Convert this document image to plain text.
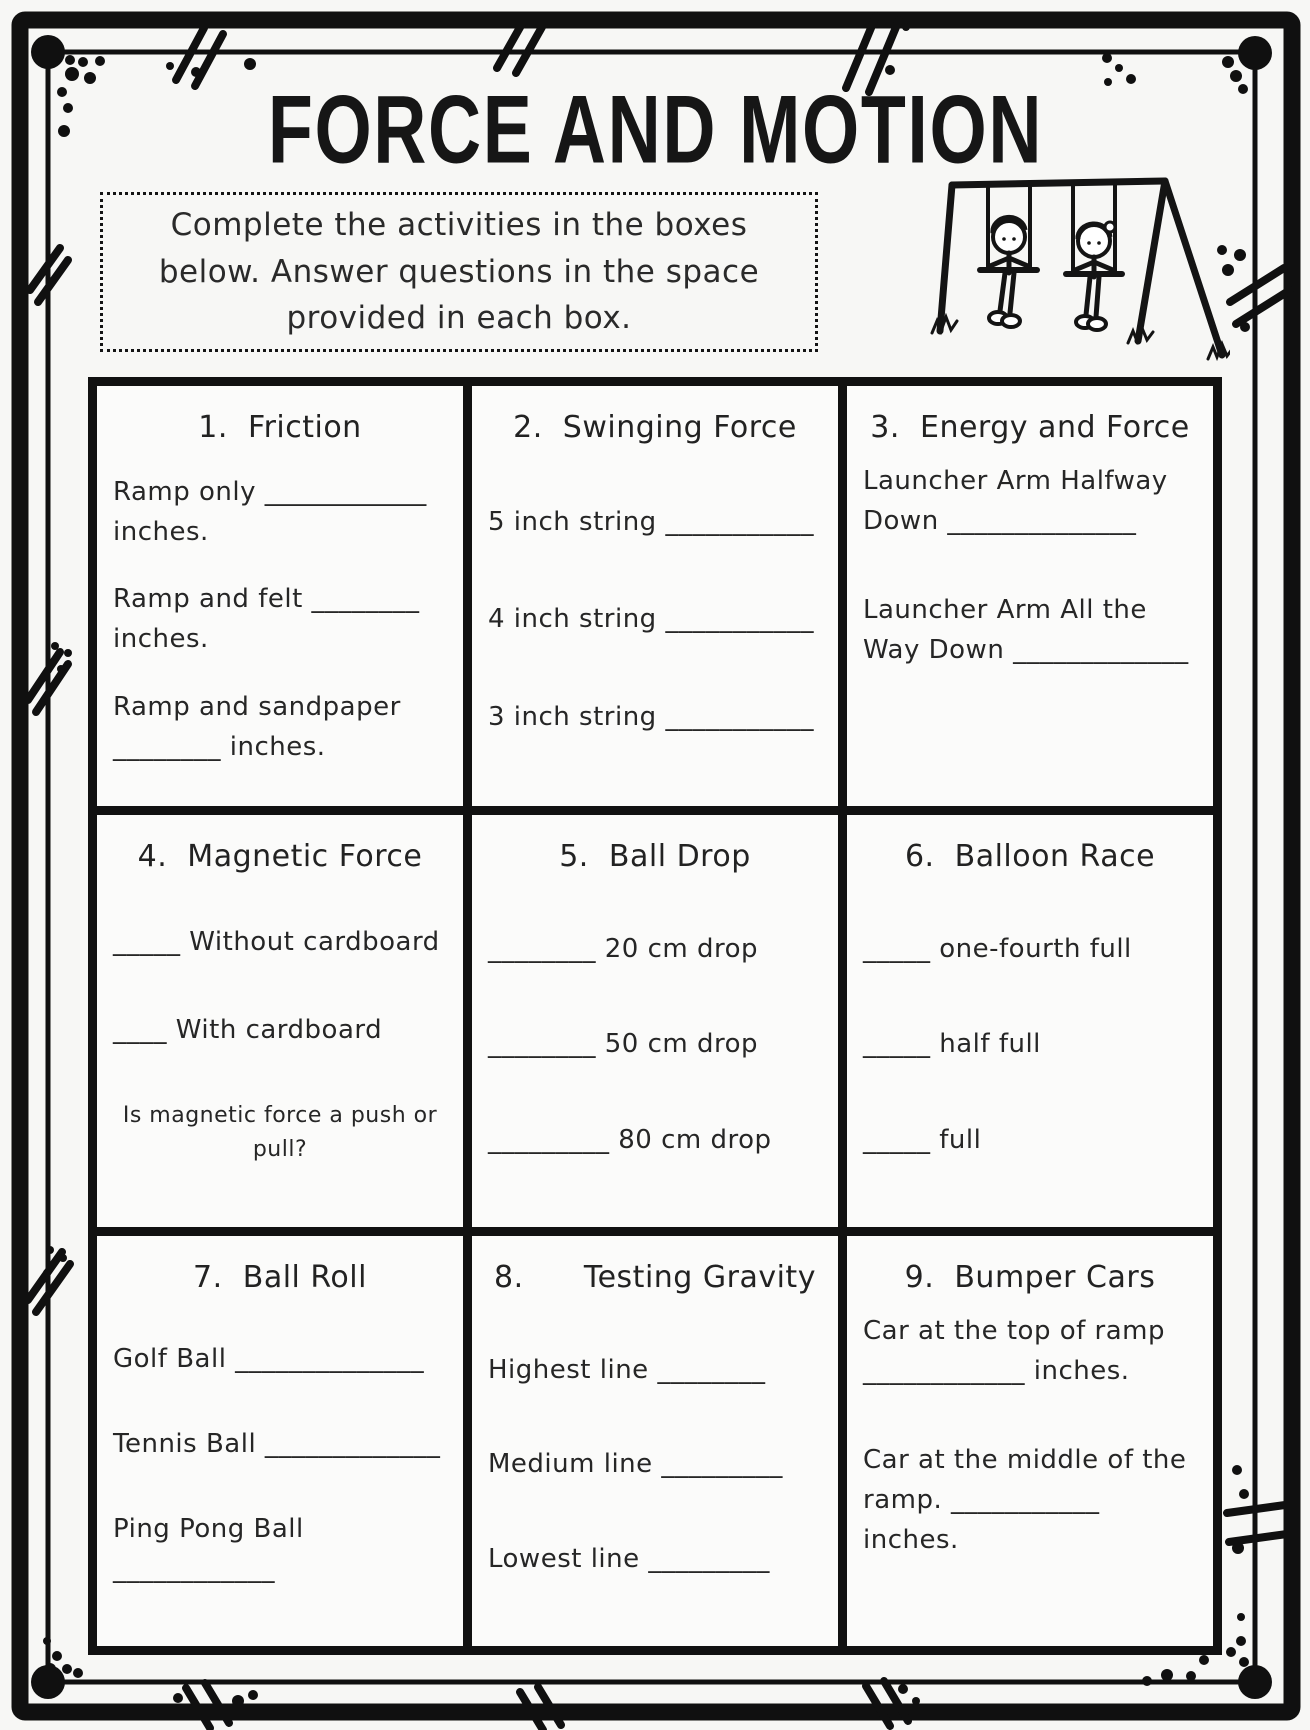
FORCE AND MOTION

Complete the activities in the boxes below. Answer questions in the space provided in each box.

1.  Friction

Ramp only ____________ inches.

Ramp and felt ________ inches.

Ramp and sandpaper ________ inches.

2.  Swinging Force

5 inch string ___________

4 inch string ___________

3 inch string ___________

3.  Energy and Force

Launcher Arm Halfway Down ______________

Launcher Arm All the Way Down _____________

4.  Magnetic Force

_____ Without cardboard

____ With cardboard

Is magnetic force a push or pull?

5.  Ball Drop

________ 20 cm drop

________ 50 cm drop

_________ 80 cm drop

6.  Balloon Race

_____ one-fourth full

_____ half full

_____ full

7.  Ball Roll

Golf Ball ______________

Tennis Ball _____________

Ping Pong Ball ____________

8.      Testing Gravity

Highest line ________

Medium line _________

Lowest line _________

9.  Bumper Cars

Car at the top of ramp ____________ inches.

Car at the middle of the ramp. ___________ inches.
